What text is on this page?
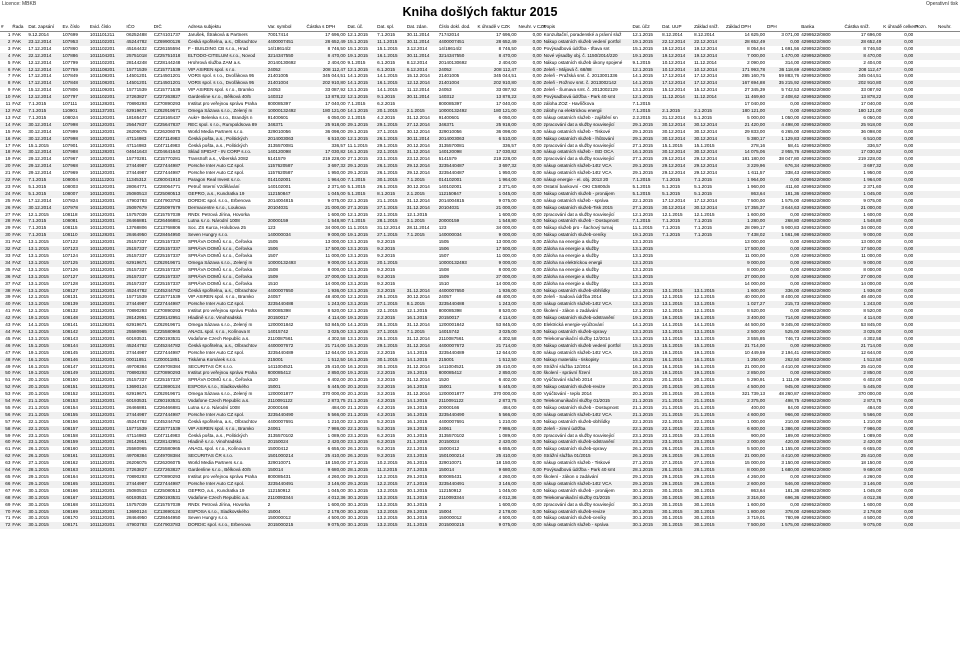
Licence: MBKB	Operativní tisk
Kniha došlých faktur 2015
#	Řada	Dat. zapsání	Ev. číslo	Evid. číslo	IČO	DIČ	Adresa subjektu	Var. symbol	Částka s DPH	Dat. úč.	Dat. spl.	Dat. zdan.	Číslo dokl. dod.	K úhradě v CZK	Neuhr. v CZK	Popis	Dat. úč2	Dat. UUP	Základ sníž.	Základ DPH	DPH	Banka	Částka sníž.	K úhradě celkem	Pozn.	Neuhr.
1	FAK	9.12.2014	107699	1011101211	06252488	CZ74101737	Jarušek, Štraková & Partners	70017414	17 696,00	12.1.2015	7.1.2015	30.11.2014	71742014	17 696,00	0,00	Konzultační, poradenské a právní služ	12.1.2015	8.12.2014	8.12.2014	14 625,00	3 071,00	4299522/0800	17 696,00	0,00		
2	FAK	23.12.2014	107953	1011102201	45244782	CZ69900126	Česká spořitelna, a.s., Olbrachtov	4400007451	28 652,49	15.1.2015	11.1.2015	30.11.2014	4400007451	28 652,49	0,00	Nákup ostatních služeb vedení portfol	19.1.2015	22.12.2014	22.12.2014	28 652,49	0,00	4299522/0800	28 652,49	0,00		
3	FAK	17.12.2014	107860	1011102201	45164432	CZ26155594	F - BUILDING CB s.r.o., Hrad	14/18614/2	8 746,50	15.1.2015	15.1.2015	3.12.2014	14/18614/2	8 746,50	0,00	Povýsadbová údržba - třtava snt	15.1.2015	19.12.2014	19.12.2014	8 054,94	1 691,56	4299522/0800	8 746,50	0,00		
4	FAK	22.12.2014	107886	1011104201	25751018	CZ25751018	ELTODO-CITELUM s.r.o., Novod	3214347550	8 470,00	19.1.2015	16.1.2015	30.11.2014	3214347550	8 470,00	0,00	Nové výsadby obj. č. 1150/2014/220	19.1.2015	19.12.2014	19.12.2014	7 000,00	1 470,00	4299522/0800	8 470,00	0,00		
5	FAK	12.12.2014	107799	1011102201	28144248	CZ28144248	Hrohrová služba ZAM a.s.	20140130692	2 404,00	9.1.2015	6.1.2015	8.12.2014	20140130692	2 404,00	0,00	Nákup ostatních služeb úkony spojené	9.1.2015	10.12.2014	11.12.2014	2 090,00	314,00	4299522/0800	2 404,00	0,00		
6	FAK	12.12.2014	107759	1011108201	15771539	CZ15771539	VIP ASIREN spol. s r.o.	24052	208 112,47	12.1.2015	6.1.2015	6.12.2014	24052	208 112,47	0,00	Zeleň - Májová č. 68/88	12.1.2015	10.12.2014	10.12.2014	171 993,78	36 118,69	4299522/0800	208 112,47	0,00		
7	FAK	17.12.2014	107849	1011108201	14501201	CZ14501201	VORS spol. s r.o., Dvořákova 95	21401005	345 044,51	14.1.2015	14.1.2015	15.12.2014	21401005	345 044,51	0,00	Zeleň - Pražská smt. č. 2013001336	14.1.2015	17.12.2014	17.12.2014	285 160,75	59 883,76	4299522/0800	345 044,51	0,00		
8	FAK	17.12.2014	107848	1011108201	14501201	CZ14501201	VORS spol. s r.o., Dvořákova 95	21401004	202 910,80	14.1.2015	16.1.2015	12.12.2014	21401004	202 910,80	0,00	Zeleň - Rožnov smt. č. 2013002142	14.1.2015	17.12.2014	17.12.2014	167 694,88	35 215,92	4299522/0800	202 910,80	0,00		
9	FAK	15.12.2014	107806	1011109201	15771539	CZ15771539	VIP ASIREN spol. s r.o., Bramko	24053	33 087,92	13.1.2015	14.1.2015	11.12.2014	24053	33 087,92	0,00	Zeleň - Šumava smt. č. 2013002129	13.1.2015	15.12.2014	15.12.2014	27 345,39	5 742,53	4299522/0800	33 087,92	0,00		
10	FAK	12.12.2014	107797	1011102201	27263827	CZ27263827	Gardenline s.r.o., Bělková 40/5	140312	13 878,22	12.1.2015	9.1.2015	30.11.2014	140312	13 878,22	0,00	Povýsadbová údržba - Park 40 smt	12.1.2015	11.12.2014	11.12.2014	11 469,60	2 408,62	4299522/0800	13 878,22	0,00		
11	FAZ	7.1.2015	107111	1011128201	70890293	CZ70890293	Institut pro veřejnou správu Praha	800085397	17 040,00	7.1.2015	6.2.2015		800085397	17 040,00	0,00	záloha ZOZ - Havlíčkova	7.1.2015			17 040,00	0,00	4299522/0800	17 040,00	0,00		
12	FAZ	7.1.2015	110901	1011137201	62919671	CZ62919671	Omega Sázava s.r.o., Zelený m	10000132492	180 121,00	14.1.2015	20.1.2015	2.1.2015	10000132492	180 121,00	0,00	zálohy na elektrickou energii	7.1.2015	2.1.2015	2.1.2015	180 121,00	0,00	4299522/0800	180 121,00	0,00		
13	FAZ	7.1.2015	108024	1011120201	18165437	CZ18165437	Aukr+ Belenka s.r.o., Brandýs n	91400601	6 050,00	2.1.2015	4.2.2015	31.12.2014	91400601	6 050,00	0,00	nákup ostatních služeb - zajištění sn	2.2.2015	31.12.2014	5.1.2015	5 000,00	1 050,00	4299522/0800	6 050,00	0,00		
14	FAK	30.12.2014	107998	1011120201	25647837	CZ25647837	REC spol. s r.o., Rumpoldsova 89	346371	25 918,00	29.1.2015	29.1.2015	27.12.2014	346371	25 918,00	0,00	zpracování dat a služby související	29.1.2015	30.12.2014	30.12.2014	21 420,00	4 498,00	4299522/0800	25 918,00	0,00		
15	FAK	30.12.2014	107999	1011120201	26206075	CZ26206075	World Media Partners s.r.o.	329010056	36 098,00	29.1.2015	27.1.2015	30.12.2014	329010056	36 098,00	0,00	nákup ostatních služeb - Tiskové	29.1.2015	30.12.2014	30.12.2014	29 833,00	6 265,00	4299522/0800	36 098,00	0,00		
16	FAK	30.12.2014	107998	1011120201	47114983	CZ47114983	Česká pošta, a.s., Politických	2014003063	6 510,00	12.1.2015	26.1.2015	30.11.2014	2014003063	6 510,00	0,00	Nákup ostatních služeb - lhůtování	29.1.2015	30.12.2014	30.12.2014	5 380,17	1 129,83	4299522/0800	6 510,00	0,00		
17	FAK	15.1.2015	107901	1011120201	47114983	CZ47114983	Česká pošta, a.s., Politických	3135570081	336,57	11.1.2015	29.1.2015	20.12.2014	3135570081	336,57	0,00	zpracování dat a služby související	27.1.2015	15.1.2015	15.1.2015	278,16	58,41	4299522/0800	336,57	0,00		
18	FAK	30.12.2014	107988	1011128201	04641643	CZ04641643	Sklad SPIDAT - IN CORP s.r.o.	140120098	17 030,82	16.1.2015	22.1.2015	31.12.2014	140120098	17 030,82	0,00	nákup ostatních služeb - ISD OCA	16.1.2015	30.12.2014	30.12.2014	14 075,06	2 955,76	4299522/0800	17 030,82	0,00		
19	FAK	29.12.2014	107967	1011120201	15770281	CZ15770281	TransSoft a.s., Viberská 2082	5141579	219 228,00	27.1.2015	23.1.2015	23.12.2014	5141579	219 228,00	0,00	zpracování dat a služby související	27.1.2015	29.12.2014	29.12.2014	181 180,00	38 047,80	4299522/0800	219 228,00	0,00		
20	FAK	29.12.2014	107968	1011120201	27444987	CZ27444987	Porsche Inter Auto CZ spol.	1157620587	3 697,32	29.1.2015	26.1.2015	29.12.2014	3235440487	3 697,32	0,00	nákup ostatních služeb-14tz VCA	29.1.2015	29.12.2014	29.12.2014	3 229,96	676,34	4299522/0800	3 697,32	0,00		
21	FAK	29.12.2014	107969	1011120201	27444987	CZ27444987	Porsche Inter Auto CZ spol.	1157620587	1 950,00	29.1.2015	26.1.2015	29.12.2014	3235440487	1 950,00	0,00	nákup ostatních služeb-14tz VCA	29.1.2015	29.12.2014	29.12.2014	1 611,57	338,43	4299522/0800	1 950,00	0,00		
22	FAK	7.1.2015	108004	1011112201	11345312	CZ60041910	Paragon Real Invest s.r.o.	014102001	1 964,00	7.1.2015	30.1.2015	7.1.2015	014102001	1 964,00	0,00	nákup energie - el. obj. 2013 20	7.1.2015	7.1.2015	7.1.2015	1 964,00	0,00	4299522/0800	1 964,00	0,00		
23	FAK	5.1.2015	108003	1011120201	28064771	CZ28064771	Petruč Interní Vzdělávání	140102001	2 371,60	5.1.2015	26.1.2015	30.12.2014	140102001	2 371,60	0,00	Ostatní bankovní - OKI C5800dn	5.1.2015	5.1.2015	5.1.2015	1 960,00	411,60	4299522/0800	2 371,60	0,00		
24	FAK	5.1.2015	108007	1011120201	25080513	CZ25080513	GEPRO, a.s., Kundratka 19	112150847	1 045,00	5.1.2015	8.1.2015	2.1.2015	112150847	1 045,00	0,00	Nákup ostatních služeb - pronájem	5.1.2015	5.1.2015	5.1.2015	863,64	181,36	4299522/0800	1 045,00	0,00		
25	FAK	17.12.2014	107824	1011120201	47903783	CZ47903783	DORDIC spol. s.r.o., Erbenova	2014004815	9 075,00	22.1.2015	21.1.2015	31.12.2014	2014004815	9 075,00	0,00	nákup ostatních služeb - správa	22.1.2015	17.12.2014	17.12.2014	7 500,00	1 575,00	4299522/0800	9 075,00	0,00		
26	FAK	30.12.2014	107978	1011120201	25097679	CZ25097679	Dermacentre s.r.o., Loukova	20104031	21 000,00	27.1.2015	27.1.2015	31.12.2014	20104031	21 000,00	0,00	Nákup ostatních služeb-Tisk 2015	27.1.2015	30.12.2014	30.12.2014	17 355,37	3 644,63	4299522/0800	21 000,00	0,00		
27	FAK	12.1.2015	108118	1011120201	15757039	CZ15757039	RNDr. Petrová Jírina, Hovorka		1 600,00	12.1.2015	22.1.2015	12.1.2015		1 600,00	0,00	zpracování dat a služby související	12.1.2015	12.1.2015	12.1.2015	1 600,00	0,00	4299522/0800	1 600,00	0,00		
28	FAK	7.1.2015	108081	1011120201	26466881	CZ26466881	Lutna s.r.o. Národní 1008	20000159	1 548,80	7.1.2015	28.1.2015	3.1.2015	20000159	1 548,80	0,00	Nákup ostatních služeb - Dostupnost	7.1.2015	7.1.2015	7.1.2015	1 280,00	268,80	4299522/0800	1 548,80	0,00		
29	FAK	7.1.2015	108115	1011120201	13768806	CZ13768806	Soc. ZS Kurca, Holubova 25	123	34 000,00	11.1.2015	31.12.2014	28.11.2014	123	34 000,00	0,00	Nákup služeb pro - šachový turnaj	11.1.2015	7.1.2015	7.1.2015	28 099,17	5 900,83	4299522/0800	34 000,00	0,00		
30	FAK	7.1.2015	108110	1011128201	28464950	CZ28464950	Seven Hungry s.r.o.	140000034	9 000,00	19.1.2015	27.1.2015	7.1.2015	140000034	9 000,00	0,00	Nákup ostatních služeb-ceníky	19.1.2015	7.1.2015	7.1.2015	7 438,02	1 561,98	4299522/0800	9 000,00	0,00		
31	FAZ	13.1.2015	107122	1011120201	25157337	CZ25157337	SPRÁVA DOMŮ s.r.o., Čeřovka	1505	13 000,00	13.1.2015	9.2.2015		1505	13 000,00	0,00	Záloha na energie a služby	13.1.2015			13 000,00	0,00	4299522/0800	13 000,00	0,00		
32	FAZ	13.1.2015	107123	1011120201	25157337	CZ25157337	SPRÁVA DOMŮ s.r.o., Čeřovka	1506	17 500,00	13.1.2015	9.2.2015		1506	17 500,00	0,00	Záloha na energie a služby	13.1.2015			17 500,00	0,00	4299522/0800	17 500,00	0,00		
33	FAZ	13.1.2015	107124	1011120201	25157337	CZ25157337	SPRÁVA DOMŮ s.r.o., Čeřovka	1507	11 000,00	13.1.2015	9.2.2015		1507	11 000,00	0,00	Záloha na energie a služby	13.1.2015			11 000,00	0,00	4299522/0800	11 000,00	0,00		
34	FAZ	13.1.2015	107125	1011120201	62919671	CZ62919671	Omega Sázava s.r.o., Zelený m	10000132493	9 000,00	14.1.2015	20.1.2015		10000132493	9 000,00	0,00	Záloha na elektrickou energii	13.1.2015			9 000,00	0,00	4299522/0800	9 000,00	0,00		
35	FAZ	13.1.2015	107126	1011120201	25157337	CZ25157337	SPRÁVA DOMŮ s.r.o., Čeřovka	1508	8 000,00	13.1.2015	9.2.2015		1508	8 000,00	0,00	Záloha na energie a služby	13.1.2015			8 000,00	0,00	4299522/0800	8 000,00	0,00		
36	FAZ	13.1.2015	107127	1011120201	25157337	CZ25157337	SPRÁVA DOMŮ s.r.o., Čeřovka	1509	27 000,00	13.1.2015	9.2.2015		1509	27 000,00	0,00	Záloha na energie a služby	13.1.2015			27 000,00	0,00	4299522/0800	27 000,00	0,00		
37	FAZ	13.1.2015	107128	1011120201	25157337	CZ25157337	SPRÁVA DOMŮ s.r.o., Čeřovka	1510	14 000,00	13.1.2015	9.2.2015		1510	14 000,00	0,00	Záloha na energie a služby	13.1.2015			14 000,00	0,00	4299522/0800	14 000,00	0,00		
38	FAK	13.1.2015	108127	1011120201	45244782	CZ45244782	Česká spořitelna, a.s., Olbrachtov	4400007650	1 936,00	13.1.2015	3.2.2015	31.12.2014	4400007650	1 936,00	0,00	Nákup ostatních služeb-obhlídky	13.1.2015	13.1.2015	13.1.2015	1 600,00	336,00	4299522/0800	1 936,00	0,00		
39	FAK	12.1.2015	108131	1011120201	15771539	CZ15771539	VIP ASIREN spol. s r.o., Bramko	24057	48 400,00	12.1.2015	29.1.2015	30.12.2014	24057	48 400,00	0,00	Zeleň - Sadová údržba 2014	12.1.2015	12.1.2015	12.1.2015	40 000,00	8 400,00	4299522/0800	48 400,00	0,00		
40	FAK	13.1.2015	108139	1011120201	27444987	CZ27444987	Porsche Inter Auto CZ spol.	3235440488	1 243,00	13.1.2015	27.1.2015	8.1.2015	3235440488	1 243,00	0,00	nákup ostatních služeb-14tz VCA	13.1.2015	13.1.2015	13.1.2015	1 027,27	215,73	4299522/0800	1 243,00	0,00		
41	FAK	12.1.2015	108132	1011120201	70890293	CZ70890293	Institut pro veřejnou správu Praha	800085398	8 520,00	12.1.2015	22.1.2015	12.1.2015	800085398	8 520,00	0,00	školení - zákon o zadávání	12.1.2015	12.1.2015	12.1.2015	8 520,00	0,00	4299522/0800	8 520,00	0,00		
42	FAK	19.1.2015	108148	1011120201	28142951	CZ28142951	Hladině s.r.o. Vinohradská	20150017	4 114,00	19.1.2015	2.2.2015	16.1.2015	20150017	4 114,00	0,00	Nákup ostatních služeb-odstranění	19.1.2015	19.1.2015	19.1.2015	3 400,00	714,00	4299522/0800	4 114,00	0,00		
43	FAK	14.1.2015	108141	1011128201	62919671	CZ62919671	Omega Sázava s.r.o., Zelený m	1200001842	53 845,00	14.1.2015	28.1.2015	31.12.2014	1200001842	53 845,00	0,00	Elektrická energie-vyúčtování	14.1.2015	14.1.2015	14.1.2015	44 500,00	9 345,00	4299522/0800	53 845,00	0,00		
44	FAK	13.1.2015	108142	1011120201	25580965	CZ25580965	ANAGL spol. s r.o., Kolínova 8	14015742	3 025,00	13.1.2015	27.1.2015	7.1.2015	14015742	3 025,00	0,00	Nákup ostatních služeb-opravy	13.1.2015	13.1.2015	13.1.2015	2 500,00	525,00	4299522/0800	3 025,00	0,00		
45	FAK	13.1.2015	108143	1011120201	60193531	CZ60193531	Vodafone Czech Republic a.s.	2110087561	4 302,58	13.1.2015	26.1.2015	31.12.2014	2110087561	4 302,58	0,00	Telekomunikační služby 12/2014	13.1.2015	13.1.2015	13.1.2015	3 555,85	746,73	4299522/0800	4 302,58	0,00		
46	FAK	15.1.2015	108144	1011120201	45244782	CZ45244782	Česká spořitelna, a.s., Olbrachtov	4400007672	21 714,00	15.1.2015	29.1.2015	31.12.2014	4400007672	21 714,00	0,00	Nákup ostatních služeb vedení portfol	15.1.2015	15.1.2015	15.1.2015	21 714,00	0,00	4299522/0800	21 714,00	0,00		
47	FAK	19.1.2015	108145	1011120201	27444987	CZ27444987	Porsche Inter Auto CZ spol.	3235440489	12 644,00	19.1.2015	2.2.2015	14.1.2015	3235440489	12 644,00	0,00	nákup ostatních služeb-14tz VCA	19.1.2015	19.1.2015	19.1.2015	10 449,59	2 194,41	4299522/0800	12 644,00	0,00		
48	FAK	16.1.2015	108146	1011120201	00011851	CZ00011851	Tiskárna Komárek s.r.o.	215001	1 512,50	16.1.2015	30.1.2015	14.1.2015	215001	1 512,50	0,00	Nákup materiálu - tiskopisy	16.1.2015	16.1.2015	16.1.2015	1 250,00	262,50	4299522/0800	1 512,50	0,00		
49	FAK	16.1.2015	108147	1011120201	49708384	CZ49708384	SECURITAS ČR s.r.o.	1411004521	25 410,00	16.1.2015	30.1.2015	31.12.2014	1411004521	25 410,00	0,00	Strážní služba 12/2014	16.1.2015	16.1.2015	16.1.2015	21 000,00	4 410,00	4299522/0800	25 410,00	0,00		
50	FAK	19.1.2015	108149	1011120201	70890293	CZ70890293	Institut pro veřejnou správu Praha	800085412	2 850,00	19.1.2015	2.2.2015	19.1.2015	800085412	2 850,00	0,00	školení - správní řízení	19.1.2015	19.1.2015	19.1.2015	2 850,00	0,00	4299522/0800	2 850,00	0,00		
51	FAK	20.1.2015	108150	1011120201	25157337	CZ25157337	SPRÁVA DOMŮ s.r.o., Čeřovka	1520	6 402,00	20.1.2015	3.2.2015	31.12.2014	1520	6 402,00	0,00	Vyúčtování služeb 2014	20.1.2015	20.1.2015	20.1.2015	5 290,91	1 111,09	4299522/0800	6 402,00	0,00		
52	FAK	20.1.2015	108151	1011120201	13690124	CZ13690124	ESPOSA s.r.o., Sladkovského	15001	5 445,00	20.1.2015	3.2.2015	16.1.2015	15001	5 445,00	0,00	Nákup ostatních služeb-revize	20.1.2015	20.1.2015	20.1.2015	4 500,00	945,00	4299522/0800	5 445,00	0,00		
53	FAK	20.1.2015	108152	1011120201	62919671	CZ62919671	Omega Sázava s.r.o., Zelený m	1200001877	370 000,00	20.1.2015	3.2.2015	31.12.2014	1200001877	370 000,00	0,00	Vyúčtování - teplo 2014	20.1.2015	20.1.2015	20.1.2015	321 739,13	48 260,87	4299522/0800	370 000,00	0,00		
54	FAK	21.1.2015	108153	1011120201	60193531	CZ60193531	Vodafone Czech Republic a.s.	2110091122	2 873,75	21.1.2015	4.2.2015	14.1.2015	2110091122	2 873,75	0,00	Telekomunikační služby 01/2015	21.1.2015	21.1.2015	21.1.2015	2 375,00	498,75	4299522/0800	2 873,75	0,00		
55	FAK	21.1.2015	108154	1011120201	26466881	CZ26466881	Lutna s.r.o. Národní 1008	20000166	484,00	21.1.2015	4.2.2015	19.1.2015	20000166	484,00	0,00	Nákup ostatních služeb - Dostupnost	21.1.2015	21.1.2015	21.1.2015	400,00	84,00	4299522/0800	484,00	0,00		
56	FAK	21.1.2015	108155	1011120201	27444987	CZ27444987	Porsche Inter Auto CZ spol.	3235440490	5 566,00	21.1.2015	4.2.2015	16.1.2015	3235440490	5 566,00	0,00	nákup ostatních služeb-14tz VCA	21.1.2015	21.1.2015	21.1.2015	4 600,00	966,00	4299522/0800	5 566,00	0,00		
57	FAK	22.1.2015	108156	1011120201	45244782	CZ45244782	Česká spořitelna, a.s., Olbrachtov	4400007691	1 210,00	22.1.2015	5.2.2015	16.1.2015	4400007691	1 210,00	0,00	Nákup ostatních služeb-obhlídky	22.1.2015	22.1.2015	22.1.2015	1 000,00	210,00	4299522/0800	1 210,00	0,00		
58	FAK	22.1.2015	108157	1011120201	15771539	CZ15771539	VIP ASIREN spol. s r.o., Bramko	24061	7 986,00	22.1.2015	5.2.2015	19.1.2015	24061	7 986,00	0,00	Zeleň - zimní údržba	22.1.2015	22.1.2015	22.1.2015	6 600,00	1 386,00	4299522/0800	7 986,00	0,00		
59	FAK	23.1.2015	108158	1011120201	47114983	CZ47114983	Česká pošta, a.s., Politických	3135570102	1 089,00	23.1.2015	6.2.2015	20.1.2015	3135570102	1 089,00	0,00	zpracování dat a služby související	23.1.2015	23.1.2015	23.1.2015	900,00	189,00	4299522/0800	1 089,00	0,00		
60	FAK	23.1.2015	108159	1011120201	28142951	CZ28142951	Hladině s.r.o. Vinohradská	20150024	2 420,00	23.1.2015	6.2.2015	21.1.2015	20150024	2 420,00	0,00	Nákup ostatních služeb-odstranění	23.1.2015	23.1.2015	23.1.2015	2 000,00	420,00	4299522/0800	2 420,00	0,00		
61	FAK	26.1.2015	108160	1011120201	25580965	CZ25580965	ANAGL spol. s r.o., Kolínova 8	15000412	6 655,00	26.1.2015	9.2.2015	22.1.2015	15000412	6 655,00	0,00	Nákup ostatních služeb-opravy	26.1.2015	26.1.2015	26.1.2015	5 500,00	1 155,00	4299522/0800	6 655,00	0,00		
62	FAK	26.1.2015	108161	1011120201	49708384	CZ49708384	SECURITAS ČR s.r.o.	1501000214	25 410,00	26.1.2015	9.2.2015	23.1.2015	1501000214	25 410,00	0,00	Strážní služba 01/2015	26.1.2015	26.1.2015	26.1.2015	21 000,00	4 410,00	4299522/0800	25 410,00	0,00		
63	FAK	27.1.2015	108162	1011120201	26206075	CZ26206075	World Media Partners s.r.o.	329010071	18 150,00	27.1.2015	10.2.2015	26.1.2015	329010071	18 150,00	0,00	nákup ostatních služeb - Tiskové	27.1.2015	27.1.2015	27.1.2015	15 000,00	3 150,00	4299522/0800	18 150,00	0,00		
64	FAK	28.1.2015	108163	1011120201	27263827	CZ27263827	Gardenline s.r.o., Bělková 40/5	150014	9 680,00	28.1.2015	11.2.2015	27.1.2015	150014	9 680,00	0,00	Povýsadbová údržba - Park 40 smt	28.1.2015	28.1.2015	28.1.2015	8 000,00	1 680,00	4299522/0800	9 680,00	0,00		
65	FAK	29.1.2015	108164	1011120201	70890293	CZ70890293	Institut pro veřejnou správu Praha	800085431	4 260,00	29.1.2015	12.2.2015	29.1.2015	800085431	4 260,00	0,00	školení - zákon o zadávání	29.1.2015	29.1.2015	29.1.2015	4 260,00	0,00	4299522/0800	4 260,00	0,00		
66	FAK	29.1.2015	108165	1011120201	27444987	CZ27444987	Porsche Inter Auto CZ spol.	3235440491	3 146,00	29.1.2015	12.2.2015	27.1.2015	3235440491	3 146,00	0,00	nákup ostatních služeb-14tz VCA	29.1.2015	29.1.2015	29.1.2015	2 600,00	546,00	4299522/0800	3 146,00	0,00		
67	FAK	30.1.2015	108166	1011120201	25080513	CZ25080513	GEPRO, a.s., Kundratka 19	112150912	1 045,00	30.1.2015	13.2.2015	30.1.2015	112150912	1 045,00	0,00	Nákup ostatních služeb - pronájem	30.1.2015	30.1.2015	30.1.2015	863,64	181,36	4299522/0800	1 045,00	0,00		
68	FAK	30.1.2015	108167	1011120201	60193531	CZ60193531	Vodafone Czech Republic a.s.	2110093344	4 012,36	30.1.2015	13.2.2015	31.1.2015	2110093344	4 012,36	0,00	Telekomunikační služby 01/2015	30.1.2015	30.1.2015	30.1.2015	3 316,00	696,36	4299522/0800	4 012,36	0,00		
69	FAK	30.1.2015	108168	1011120201	15757039	CZ15757039	RNDr. Petrová Jírina, Hovorka	2	1 600,00	30.1.2015	13.2.2015	30.1.2015	2	1 600,00	0,00	zpracování dat a služby související	30.1.2015	30.1.2015	30.1.2015	1 600,00	0,00	4299522/0800	1 600,00	0,00		
70	FAK	30.1.2015	108169	1011120201	13690124	CZ13690124	ESPOSA s.r.o., Sladkovského	15004	2 178,00	30.1.2015	13.2.2015	29.1.2015	15004	2 178,00	0,00	Nákup ostatních služeb-revize	30.1.2015	30.1.2015	30.1.2015	1 800,00	378,00	4299522/0800	2 178,00	0,00		
71	FAK	30.1.2015	108170	1011120201	28464950	CZ28464950	Seven Hungry s.r.o.	150000012	4 500,00	30.1.2015	13.2.2015	30.1.2015	150000012	4 500,00	0,00	Nákup ostatních služeb-ceníky	30.1.2015	30.1.2015	30.1.2015	3 719,01	780,99	4299522/0800	4 500,00	0,00		
72	FAK	30.1.2015	108171	1011120201	47903783	CZ47903783	DORDIC spol. s.r.o., Erbenova	2015000215	9 075,00	30.1.2015	13.2.2015	31.1.2015	2015000215	9 075,00	0,00	nákup ostatních služeb - správa	30.1.2015	30.1.2015	30.1.2015	7 500,00	1 575,00	4299522/0800	9 075,00	0,00		
